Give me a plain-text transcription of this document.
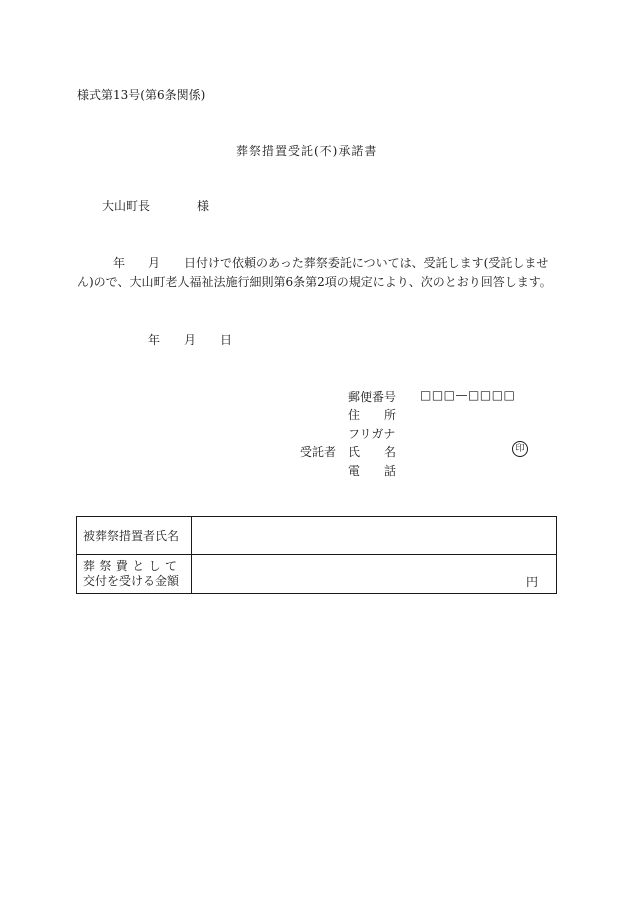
様式第13号(第6条関係)
葬祭措置受託(不)承諾書
大山町長	様
年 月 日付けで依頼のあった葬祭委託については、受託します(受託しませ
ん)ので、大山町老人福祉法施行細則第6条第2項の規定により、次のとおり回答します。
年 月 日
郵便番号 □□□—□□□□
住　　所
フリガナ
受託者 氏　　名	印
電　　話
被葬祭措置者氏名	

葬祭費として
交付を受ける金額	円
